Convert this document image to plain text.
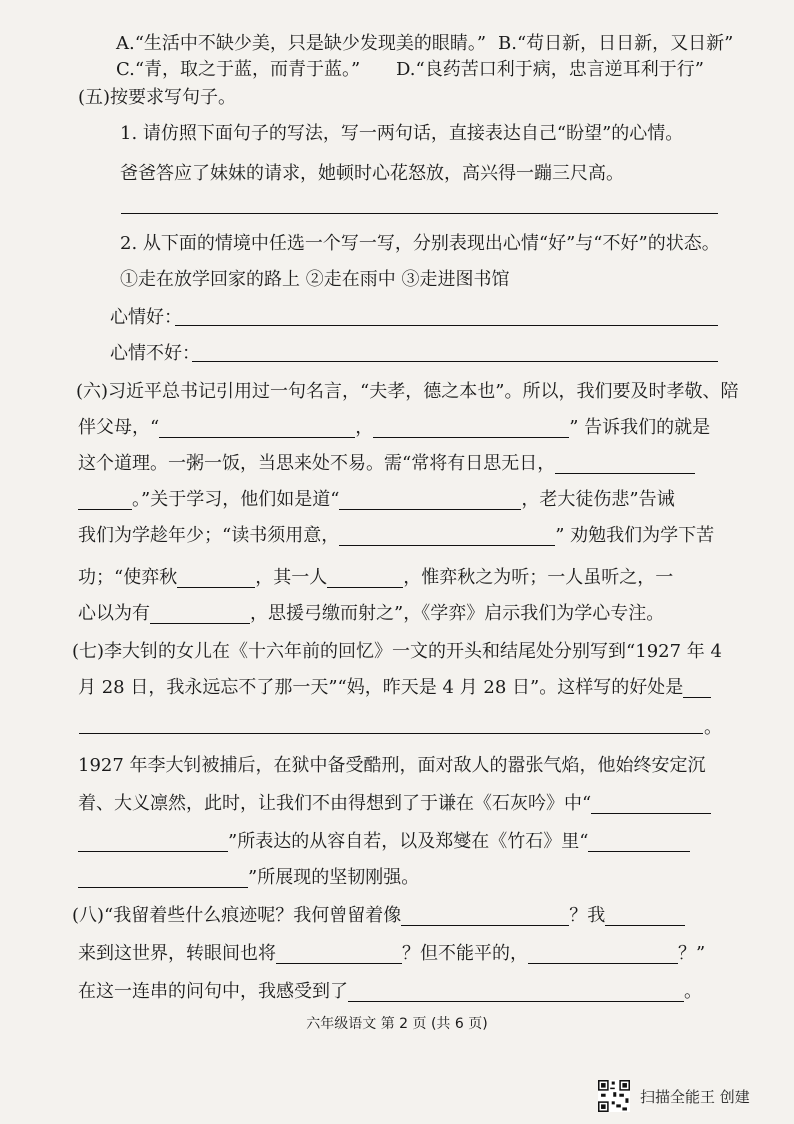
A.“生活中不缺少美，只是缺少发现美的眼睛。” B.“苟日新，日日新，又日新”
C.“青，取之于蓝，而青于蓝。” D.“良药苦口利于病，忠言逆耳利于行”
(五)按要求写句子。
1. 请仿照下面句子的写法，写一两句话，直接表达自己“盼望”的心情。
爸爸答应了妹妹的请求，她顿时心花怒放，高兴得一蹦三尺高。
2. 从下面的情境中任选一个写一写，分别表现出心情“好”与“不好”的状态。
①走在放学回家的路上 ②走在雨中 ③走进图书馆
心情好：
心情不好：
(六)习近平总书记引用过一句名言，“夫孝，德之本也”。所以，我们要及时孝敬、陪
伴父母，“	，	” 告诉我们的就是
这个道理。一粥一饭，当思来处不易。需“常将有日思无日，
。”关于学习，他们如是道“	，老大徒伤悲”告诫
我们为学趁年少；“读书须用意，	” 劝勉我们为学下苦
功；“使弈秋	，其一人	，惟弈秋之为听；一人虽听之，一
心以为有	，思援弓缴而射之”，《学弈》启示我们为学心专注。
(七)李大钊的女儿在《十六年前的回忆》一文的开头和结尾处分别写到“1927 年 4
月 28 日，我永远忘不了那一天”“妈，昨天是 4 月 28 日”。这样写的好处是
。
1927 年李大钊被捕后，在狱中备受酷刑，面对敌人的嚣张气焰，他始终安定沉
着、大义凛然，此时，让我们不由得想到了于谦在《石灰吟》中“
”所表达的从容自若，以及郑燮在《竹石》里“
”所展现的坚韧刚强。
(八)“我留着些什么痕迹呢？我何曾留着像	？我
来到这世界，转眼间也将	？但不能平的，	？”
在这一连串的问句中，我感受到了	。
六年级语文 第 2 页 (共 6 页)
扫描全能王 创建
